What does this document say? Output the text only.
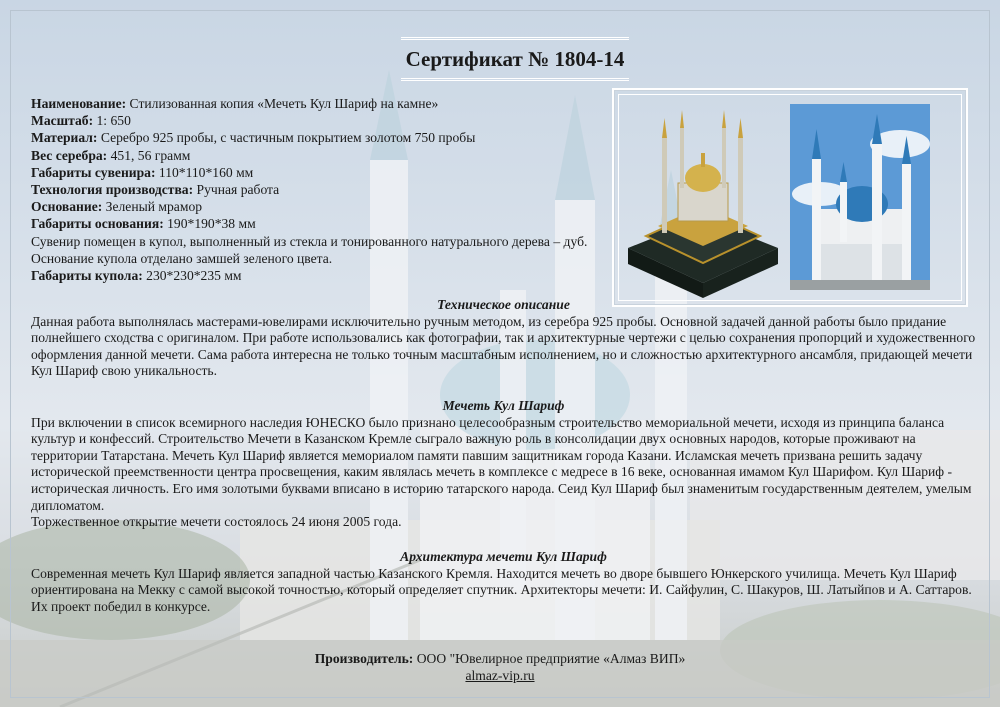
Сертификат № 1804-14
Наименование: Стилизованная копия «Мечеть Кул Шариф на камне»
Масштаб: 1: 650
Материал: Серебро 925 пробы, с частичным покрытием золотом 750 пробы
Вес серебра: 451, 56 грамм
Габариты сувенира: 110*110*160 мм
Технология производства: Ручная работа
Основание: Зеленый мрамор
Габариты основания: 190*190*38 мм
Сувенир помещен в купол, выполненный из стекла и тонированного натурального дерева – дуб.
Основание купола отделано замшей зеленого цвета.
Габариты купола: 230*230*235 мм
Техническое описание
Данная работа выполнялась мастерами-ювелирами исключительно ручным методом, из серебра 925 пробы. Основной задачей данной работы было придание полнейшего сходства с оригиналом. При работе использовались как фотографии, так и архитектурные чертежи с целью сохранения пропорций и художественного оформления данной мечети. Сама работа интересна не только точным масштабным исполнением, но и сложностью архитектурного ансамбля, придающей мечети Кул Шариф свою уникальность.
Мечеть Кул Шариф
При включении в список всемирного наследия ЮНЕСКО было признано целесообразным строительство мемориальной мечети, исходя из принципа баланса культур и конфессий. Строительство Мечети в Казанском Кремле сыграло важную роль в консолидации двух основных народов, которые проживают на территории Татарстана. Мечеть Кул Шариф является мемориалом памяти павшим защитникам города Казани. Исламская мечеть призвана решить задачу исторической преемственности центра просвещения, каким являлась мечеть в комплексе с медресе в 16 веке, основанная имамом Кул Шарифом. Кул Шариф - историческая личность. Его имя золотыми буквами вписано в историю татарского народа. Сеид Кул Шариф был знаменитым государственным деятелем, умелым дипломатом.
Торжественное открытие мечети состоялось 24 июня 2005 года.
Архитектура мечети Кул Шариф
Современная мечеть Кул Шариф является западной частью Казанского Кремля. Находится мечеть во дворе бывшего Юнкерского училища. Мечеть Кул Шариф ориентирована на Мекку с самой высокой точностью, который определяет спутник. Архитекторы мечети: И. Сайфулин, С. Шакуров, Ш. Латыйпов и А. Саттаров.
Их проект победил в конкурсе.
Производитель: ООО "Ювелирное предприятие «Алмаз ВИП»
almaz-vip.ru
